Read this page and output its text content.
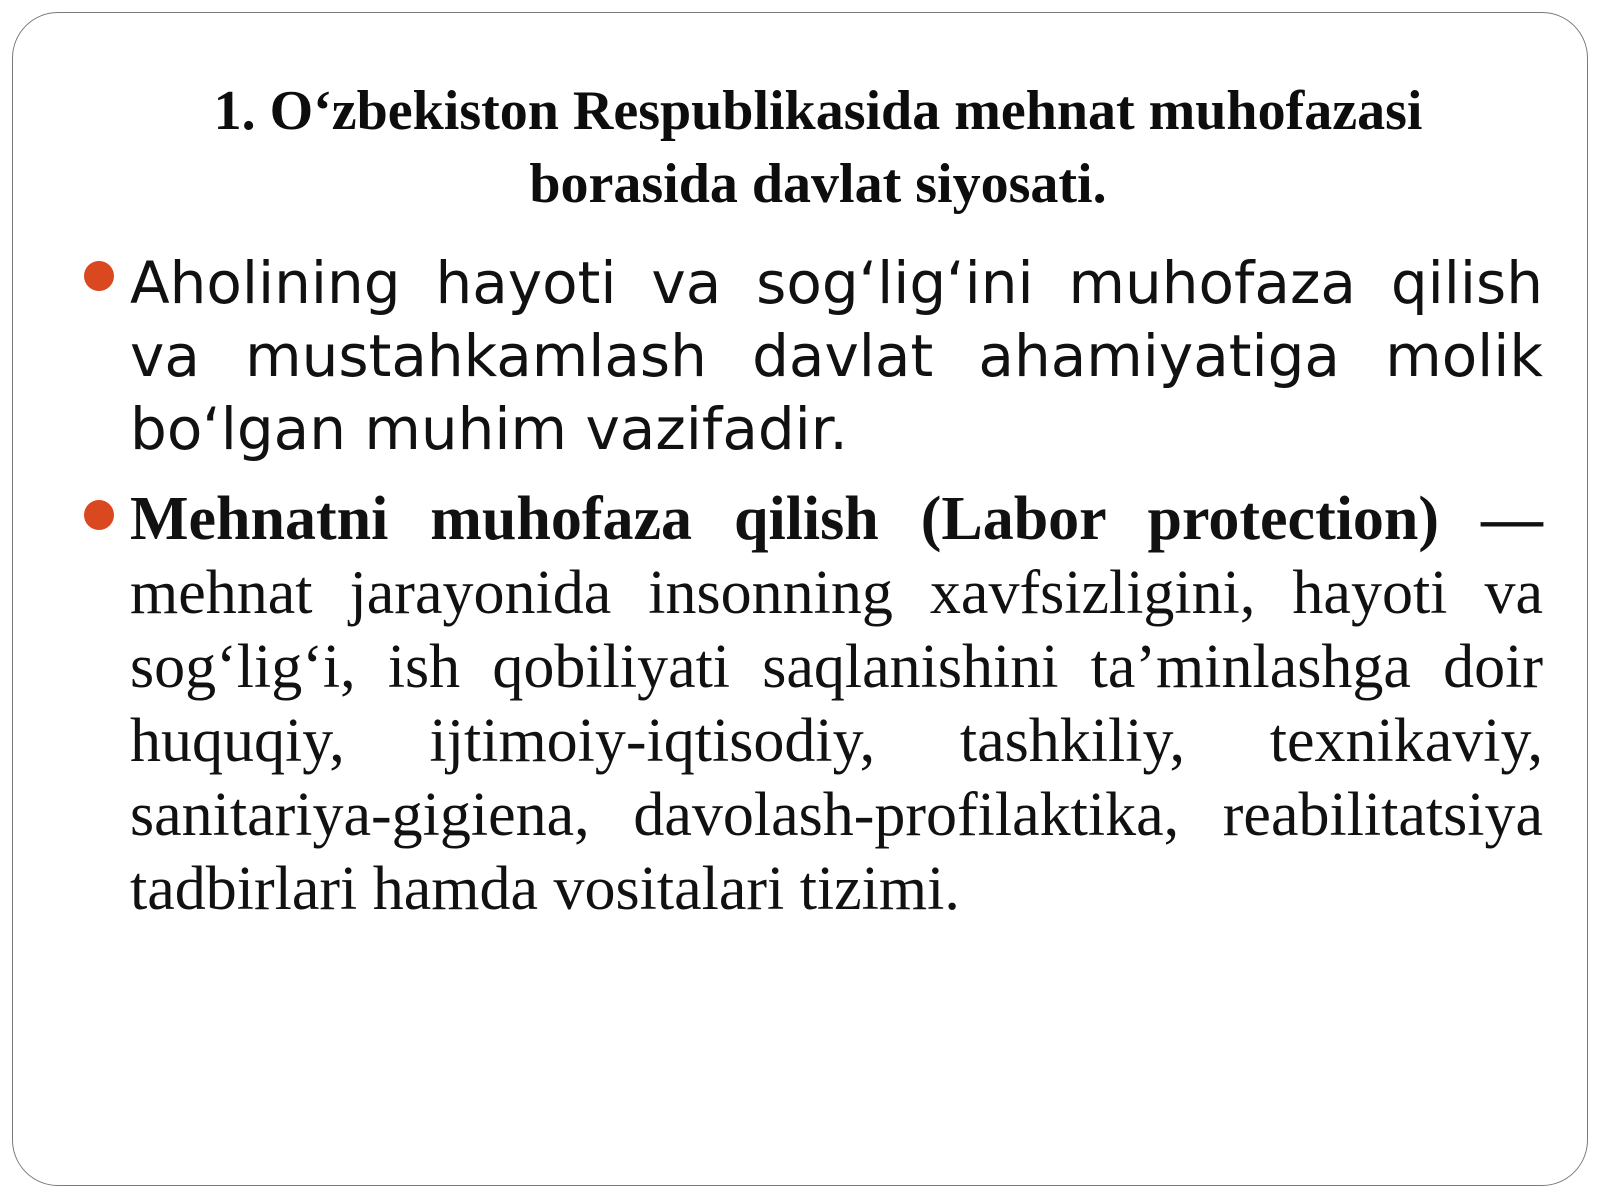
1. O‘zbekiston Respublikasida mehnat muhofazasi borasida davlat siyosati.
Aholining hayoti va sog‘lig‘ini muhofaza qilish va mustahkamlash davlat ahamiyatiga molik bo‘lgan muhim vazifadir.
Mehnatni muhofaza qilish (Labor protection) — mehnat jarayonida insonning xavfsizligini, hayoti va sog‘lig‘i, ish qobiliyati saqlanishini ta’minlashga doir huquqiy, ijtimoiy-iqtisodiy, tashkiliy, texnikaviy, sanitariya-gigiena, davolash-profilaktika, reabilitatsiya tadbirlari hamda vositalari tizimi.
